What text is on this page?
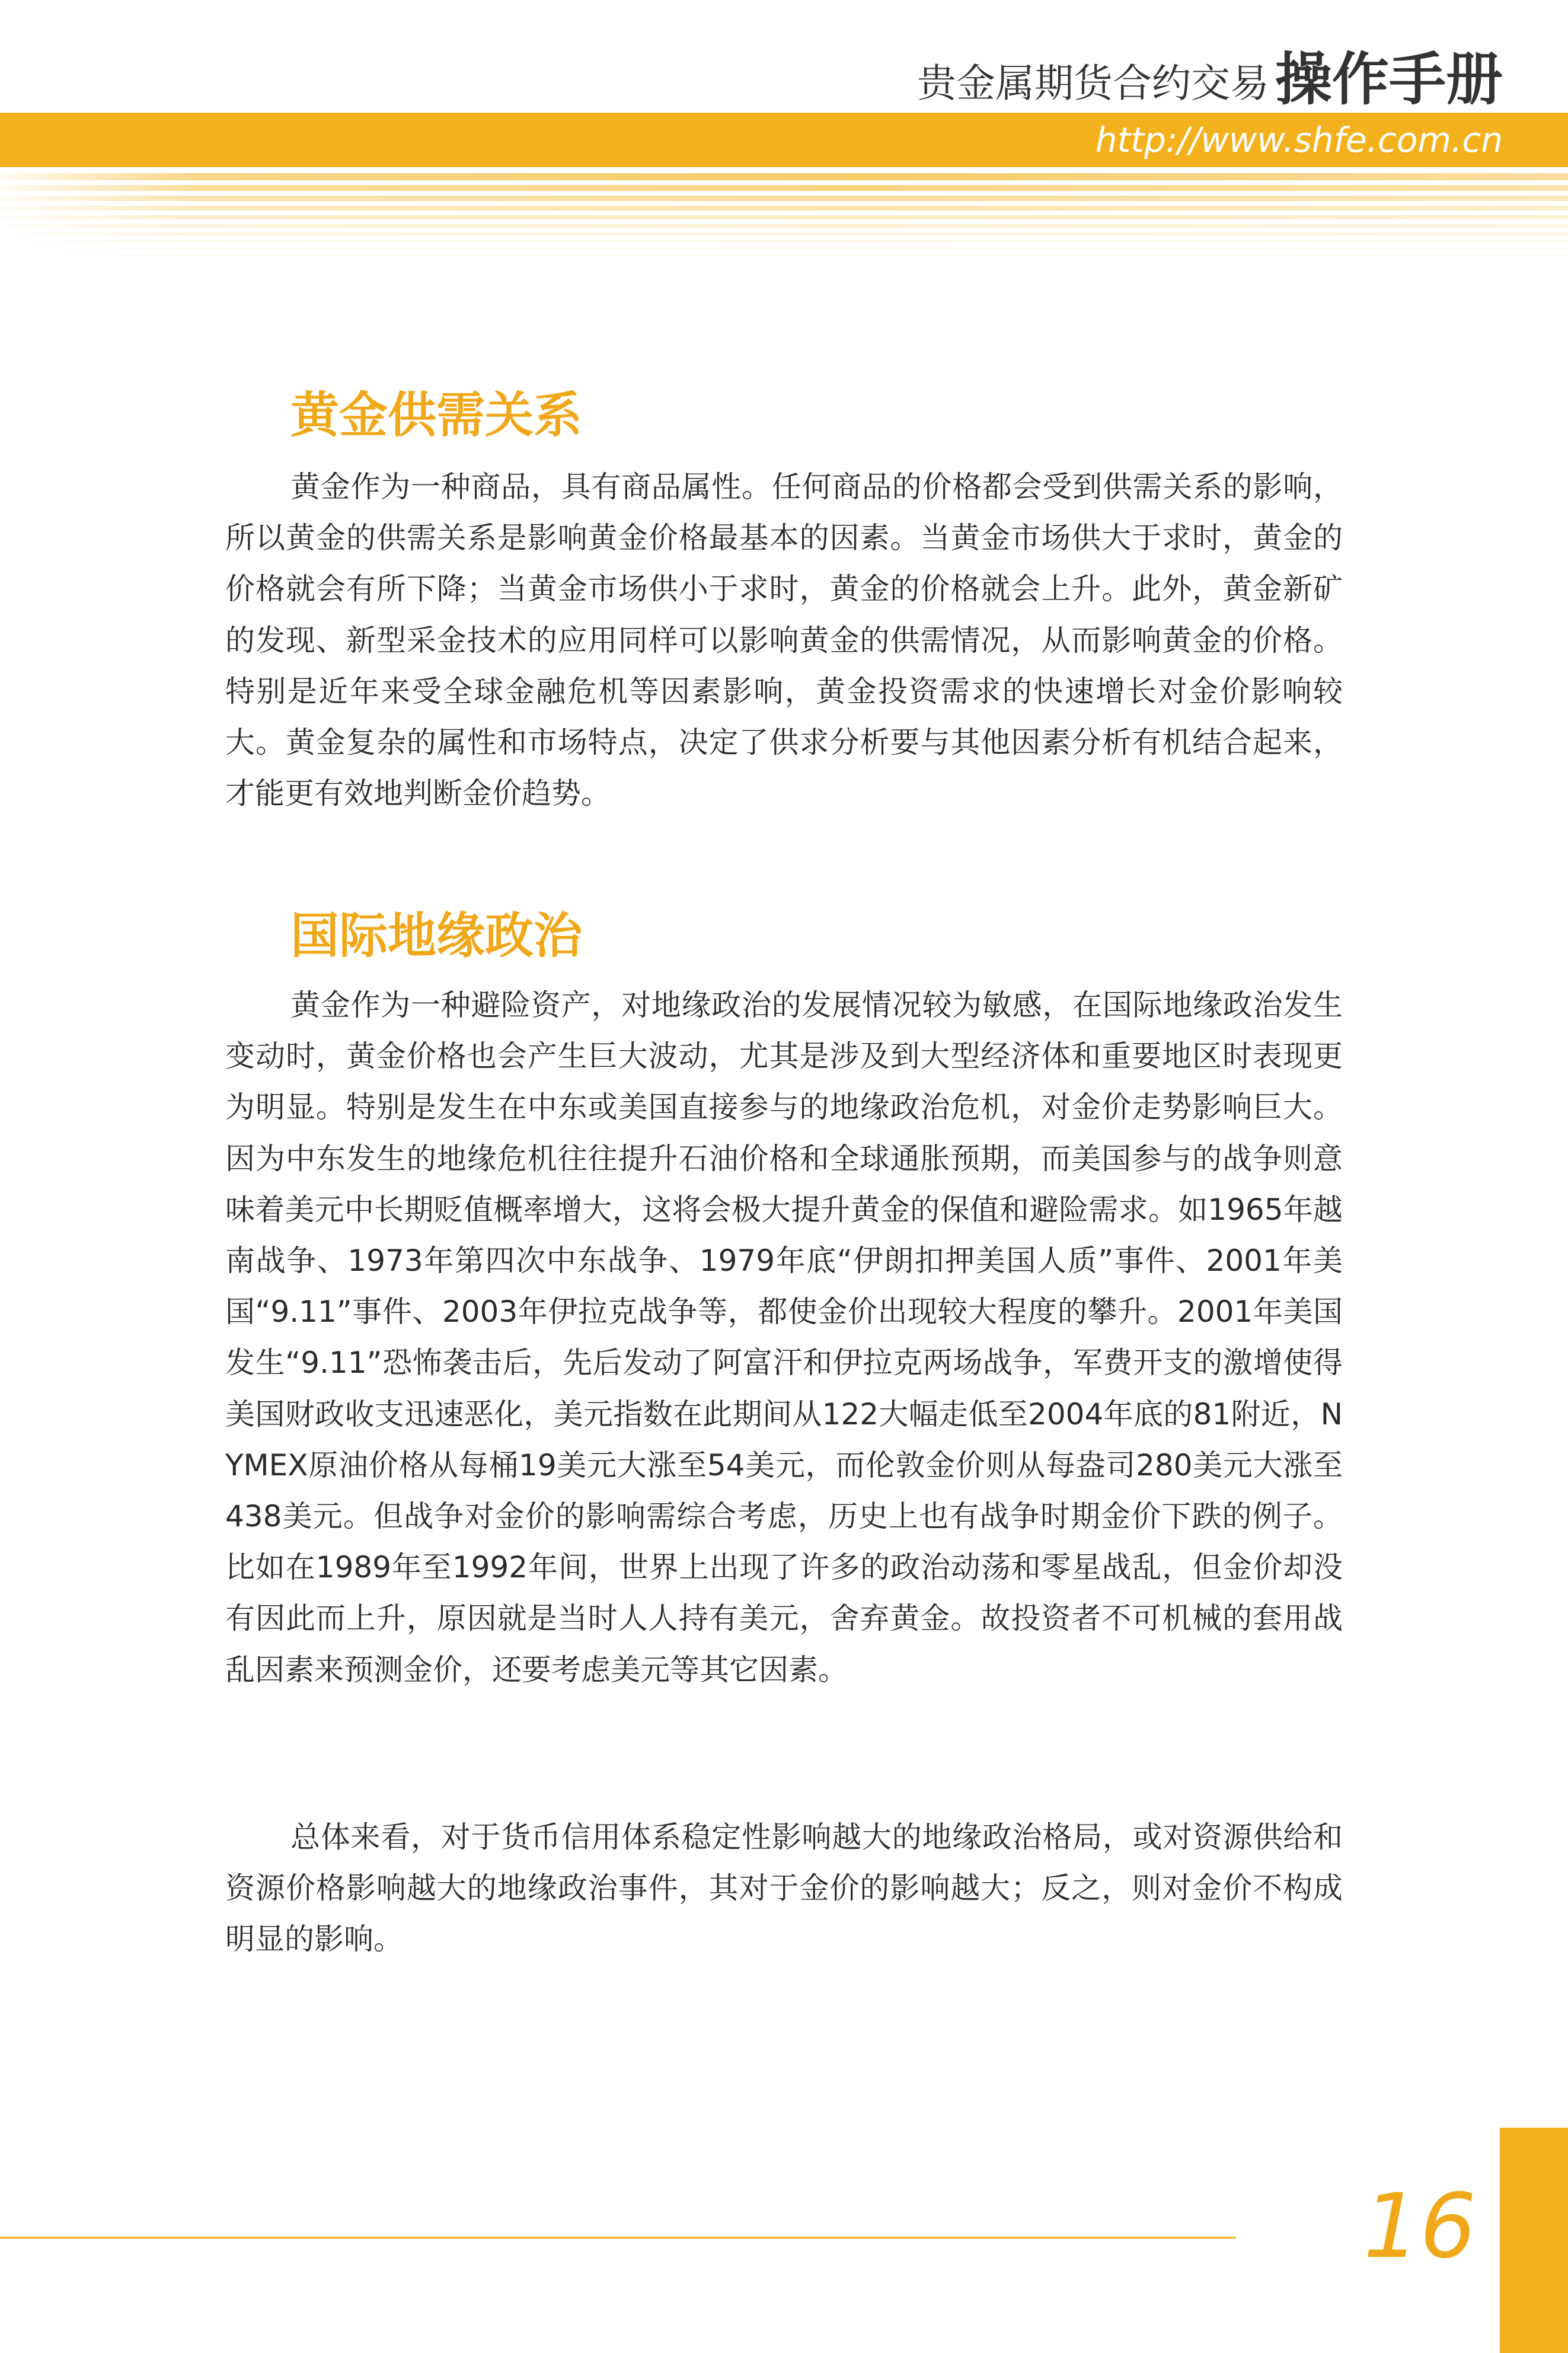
贵金属期货合约交易 操作手册
http://www.shfe.com.cn
黄金供需关系

黄金作为一种商品，具有商品属性。任何商品的价格都会受到供需关系的影响，所以黄金的供需关系是影响黄金价格最基本的因素。当黄金市场供大于求时，黄金的价格就会有所下降；当黄金市场供小于求时，黄金的价格就会上升。此外，黄金新矿的发现、新型采金技术的应用同样可以影响黄金的供需情况，从而影响黄金的价格。特别是近年来受全球金融危机等因素影响，黄金投资需求的快速增长对金价影响较大。黄金复杂的属性和市场特点，决定了供求分析要与其他因素分析有机结合起来，才能更有效地判断金价趋势。

国际地缘政治

黄金作为一种避险资产，对地缘政治的发展情况较为敏感，在国际地缘政治发生变动时，黄金价格也会产生巨大波动，尤其是涉及到大型经济体和重要地区时表现更为明显。特别是发生在中东或美国直接参与的地缘政治危机，对金价走势影响巨大。因为中东发生的地缘危机往往提升石油价格和全球通胀预期，而美国参与的战争则意味着美元中长期贬值概率增大，这将会极大提升黄金的保值和避险需求。如1965年越南战争、1973年第四次中东战争、1979年底“伊朗扣押美国人质”事件、2001年美国“9.11”事件、2003年伊拉克战争等，都使金价出现较大程度的攀升。2001年美国发生“9.11”恐怖袭击后，先后发动了阿富汗和伊拉克两场战争，军费开支的激增使得美国财政收支迅速恶化，美元指数在此期间从122大幅走低至2004年底的81附近，NYMEX原油价格从每桶19美元大涨至54美元，而伦敦金价则从每盎司280美元大涨至438美元。但战争对金价的影响需综合考虑，历史上也有战争时期金价下跌的例子。比如在1989年至1992年间，世界上出现了许多的政治动荡和零星战乱，但金价却没有因此而上升，原因就是当时人人持有美元，舍弃黄金。故投资者不可机械的套用战乱因素来预测金价，还要考虑美元等其它因素。

总体来看，对于货币信用体系稳定性影响越大的地缘政治格局，或对资源供给和资源价格影响越大的地缘政治事件，其对于金价的影响越大；反之，则对金价不构成明显的影响。

16
